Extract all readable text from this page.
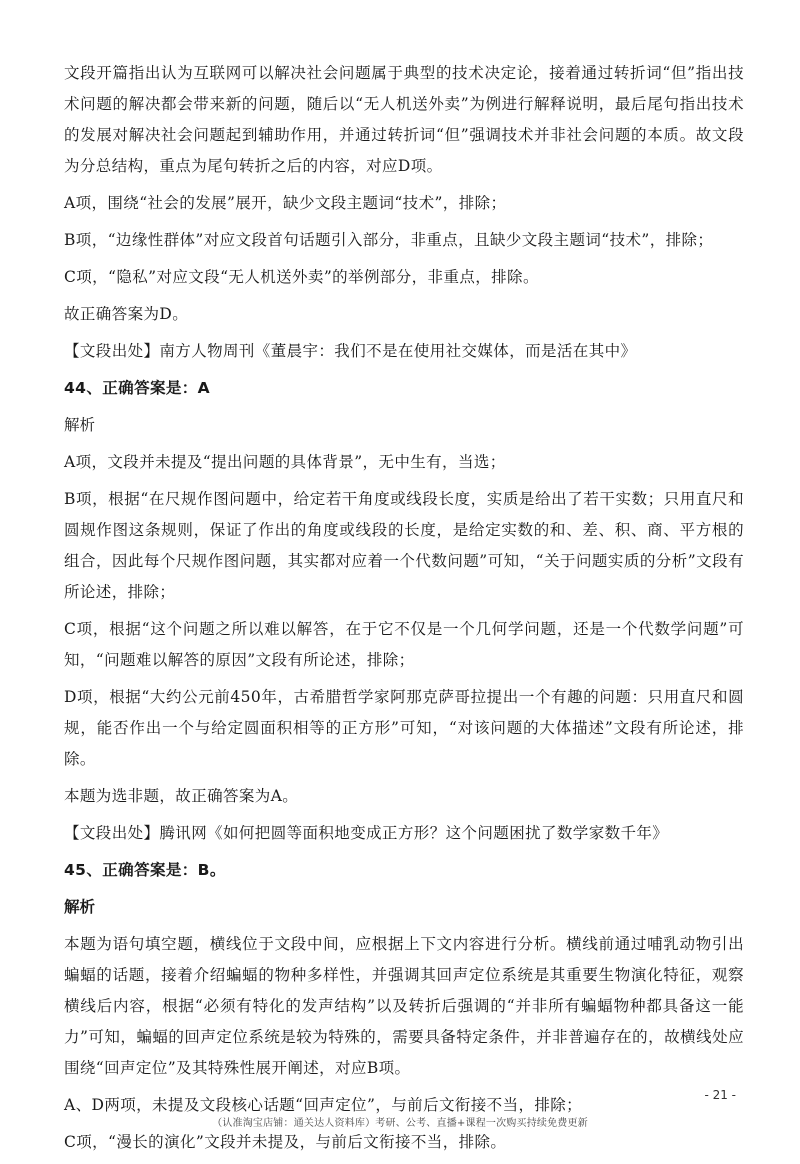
文段开篇指出认为互联网可以解决社会问题属于典型的技术决定论，接着通过转折词“但”指出技术问题的解决都会带来新的问题，随后以“无人机送外卖”为例进行解释说明，最后尾句指出技术的发展对解决社会问题起到辅助作用，并通过转折词“但”强调技术并非社会问题的本质。故文段为分总结构，重点为尾句转折之后的内容，对应D项。

A项，围绕“社会的发展”展开，缺少文段主题词“技术”，排除；

B项，“边缘性群体”对应文段首句话题引入部分，非重点，且缺少文段主题词“技术”，排除；

C项，“隐私”对应文段“无人机送外卖”的举例部分，非重点，排除。

故正确答案为D。

【文段出处】南方人物周刊《董晨宇：我们不是在使用社交媒体，而是活在其中》

44、正确答案是：A

解析

A项，文段并未提及“提出问题的具体背景”，无中生有，当选；

B项，根据“在尺规作图问题中，给定若干角度或线段长度，实质是给出了若干实数；只用直尺和圆规作图这条规则，保证了作出的角度或线段的长度，是给定实数的和、差、积、商、平方根的组合，因此每个尺规作图问题，其实都对应着一个代数问题”可知，“关于问题实质的分析”文段有所论述，排除；

C项，根据“这个问题之所以难以解答，在于它不仅是一个几何学问题，还是一个代数学问题”可知，“问题难以解答的原因”文段有所论述，排除；

D项，根据“大约公元前450年，古希腊哲学家阿那克萨哥拉提出一个有趣的问题：只用直尺和圆规，能否作出一个与给定圆面积相等的正方形”可知，“对该问题的大体描述”文段有所论述，排除。

本题为选非题，故正确答案为A。

【文段出处】腾讯网《如何把圆等面积地变成正方形？这个问题困扰了数学家数千年》

45、正确答案是：B。

解析

本题为语句填空题，横线位于文段中间，应根据上下文内容进行分析。横线前通过哺乳动物引出蝙蝠的话题，接着介绍蝙蝠的物种多样性，并强调其回声定位系统是其重要生物演化特征，观察横线后内容，根据“必须有特化的发声结构”以及转折后强调的“并非所有蝙蝠物种都具备这一能力”可知，蝙蝠的回声定位系统是较为特殊的，需要具备特定条件，并非普遍存在的，故横线处应围绕“回声定位”及其特殊性展开阐述，对应B项。

A、D两项，未提及文段核心话题“回声定位”，与前后文衔接不当，排除；

C项，“漫长的演化”文段并未提及，与前后文衔接不当，排除。

- 21 -
（认准淘宝店铺：通关达人资料库）考研、公考、直播+课程一次购买持续免费更新
